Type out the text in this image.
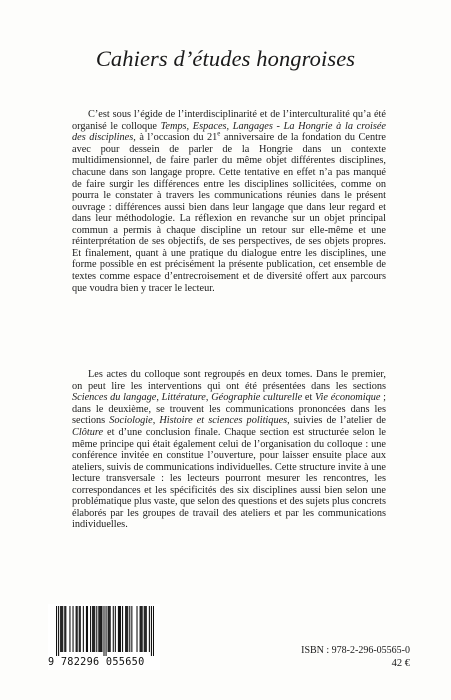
Cahiers d’études hongroises

C’est sous l’égide de l’interdisciplinarité et de l’interculturalité qu’a été organisé le colloque Temps, Espaces, Langages - La Hongrie à la croisée des disciplines, à l’occasion du 21e anniversaire de la fondation du Centre avec pour dessein de parler de la Hongrie dans un contexte multidimensionnel, de faire parler du même objet différentes disciplines, chacune dans son langage propre. Cette tentative en effet n’a pas manqué de faire surgir les différences entre les disciplines sollicitées, comme on pourra le constater à travers les communications réunies dans le présent ouvrage : différences aussi bien dans leur langage que dans leur regard et dans leur méthodologie. La réflexion en revanche sur un objet principal commun a permis à chaque discipline un retour sur elle-même et une réinterprétation de ses objectifs, de ses perspectives, de ses objets propres. Et finalement, quant à une pratique du dialogue entre les disciplines, une forme possible en est précisément la présente publication, cet ensemble de textes comme espace d’entrecroisement et de diversité offert aux parcours que voudra bien y tracer le lecteur.

Les actes du colloque sont regroupés en deux tomes. Dans le premier, on peut lire les interventions qui ont été présentées dans les sections Sciences du langage, Littérature, Géographie culturelle et Vie économique ; dans le deuxième, se trouvent les communications prononcées dans les sections Sociologie, Histoire et sciences politiques, suivies de l’atelier de Clôture et d’une conclusion finale. Chaque section est structurée selon le même principe qui était également celui de l’organisation du colloque : une conférence invitée en constitue l’ouverture, pour laisser ensuite place aux ateliers, suivis de communications individuelles. Cette structure invite à une lecture transversale : les lecteurs pourront mesurer les rencontres, les correspondances et les spécificités des six disciplines aussi bien selon une problématique plus vaste, que selon des questions et des sujets plus concrets élaborés par les groupes de travail des ateliers et par les communications individuelles.

9 782296 055650
ISBN : 978-2-296-05565-0
42 €
